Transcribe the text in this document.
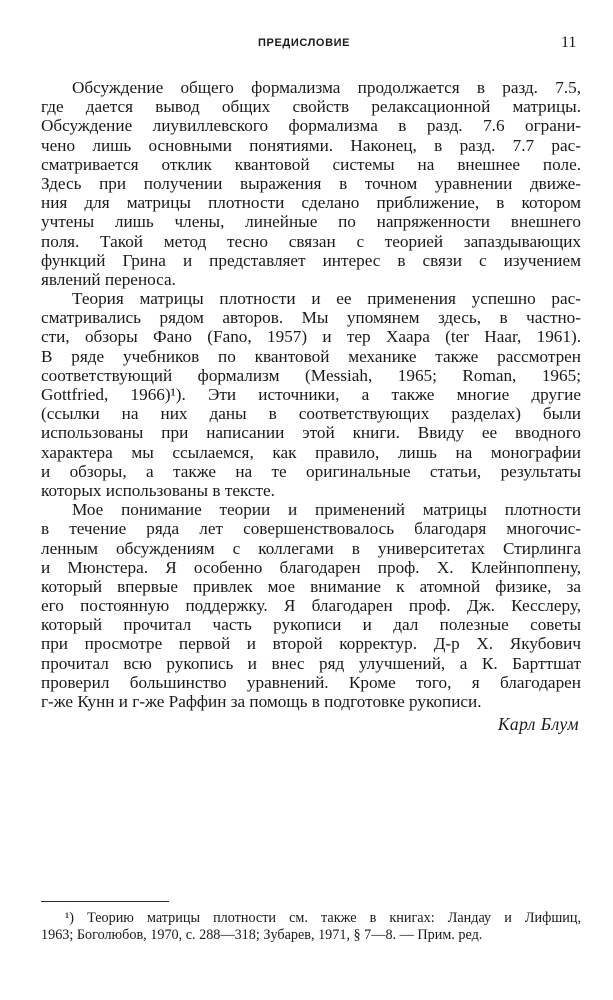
ПРЕДИСЛОВИЕ	11
Обсуждение общего формализма продолжается в разд. 7.5,
где дается вывод общих свойств релаксационной матрицы.
Обсуждение лиувиллевского формализма в разд. 7.6 ограни-
чено лишь основными понятиями. Наконец, в разд. 7.7 рас-
сматривается отклик квантовой системы на внешнее поле.
Здесь при получении выражения в точном уравнении движе-
ния для матрицы плотности сделано приближение, в котором
учтены лишь члены, линейные по напряженности внешнего
поля. Такой метод тесно связан с теорией запаздывающих
функций Грина и представляет интерес в связи с изучением
явлений переноса.
Теория матрицы плотности и ее применения успешно рас-
сматривались рядом авторов. Мы упомянем здесь, в частно-
сти, обзоры Фано (Fano, 1957) и тер Хаара (ter Haar, 1961).
В ряде учебников по квантовой механике также рассмотрен
соответствующий формализм (Messiah, 1965; Roman, 1965;
Gottfried, 1966)¹). Эти источники, а также многие другие
(ссылки на них даны в соответствующих разделах) были
использованы при написании этой книги. Ввиду ее вводного
характера мы ссылаемся, как правило, лишь на монографии
и обзоры, а также на те оригинальные статьи, результаты
которых использованы в тексте.
Мое понимание теории и применений матрицы плотности
в течение ряда лет совершенствовалось благодаря многочис-
ленным обсуждениям с коллегами в университетах Стирлинга
и Мюнстера. Я особенно благодарен проф. Х. Клейнпоппену,
который впервые привлек мое внимание к атомной физике, за
его постоянную поддержку. Я благодарен проф. Дж. Кесслеру,
который прочитал часть рукописи и дал полезные советы
при просмотре первой и второй корректур. Д-р Х. Якубович
прочитал всю рукопись и внес ряд улучшений, а К. Барттшат
проверил большинство уравнений. Кроме того, я благодарен
г-же Кунн и г-же Раффин за помощь в подготовке рукописи.
Карл Блум
¹) Теорию матрицы плотности см. также в книгах: Ландау и Лифшиц,
1963; Боголюбов, 1970, с. 288—318; Зубарев, 1971, § 7—8. — Прим. ред.
